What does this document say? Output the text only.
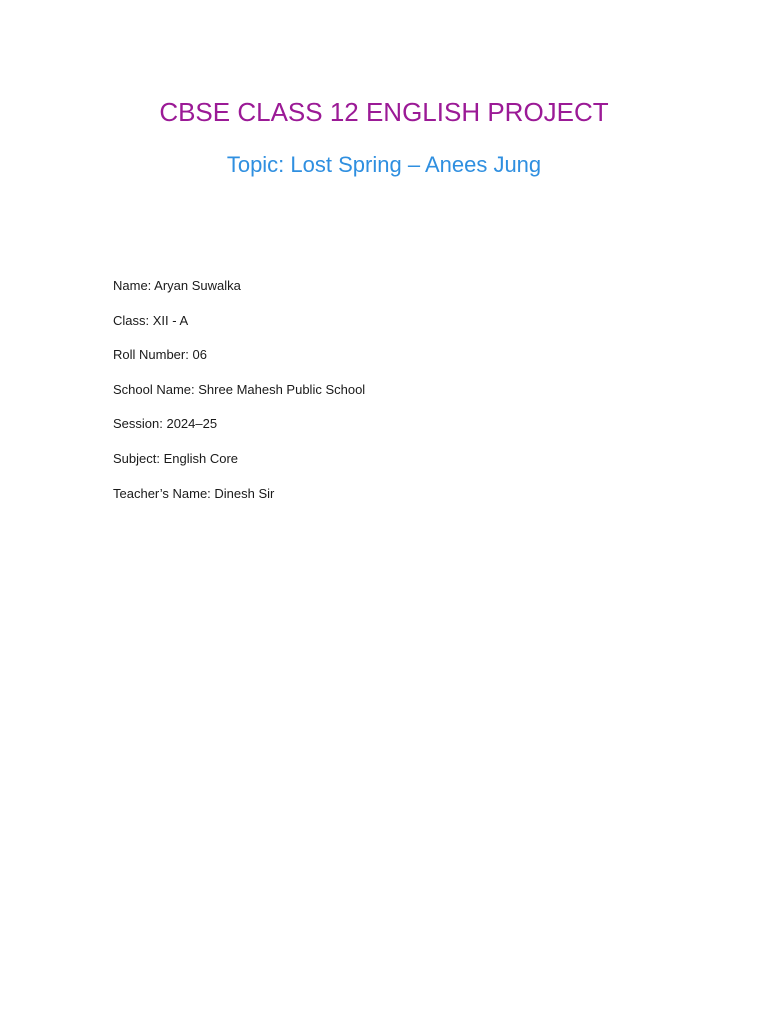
CBSE CLASS 12 ENGLISH PROJECT
Topic: Lost Spring – Anees Jung
Name: Aryan Suwalka
Class: XII - A
Roll Number: 06
School Name: Shree Mahesh Public School
Session: 2024–25
Subject: English Core
Teacher’s Name: Dinesh Sir
